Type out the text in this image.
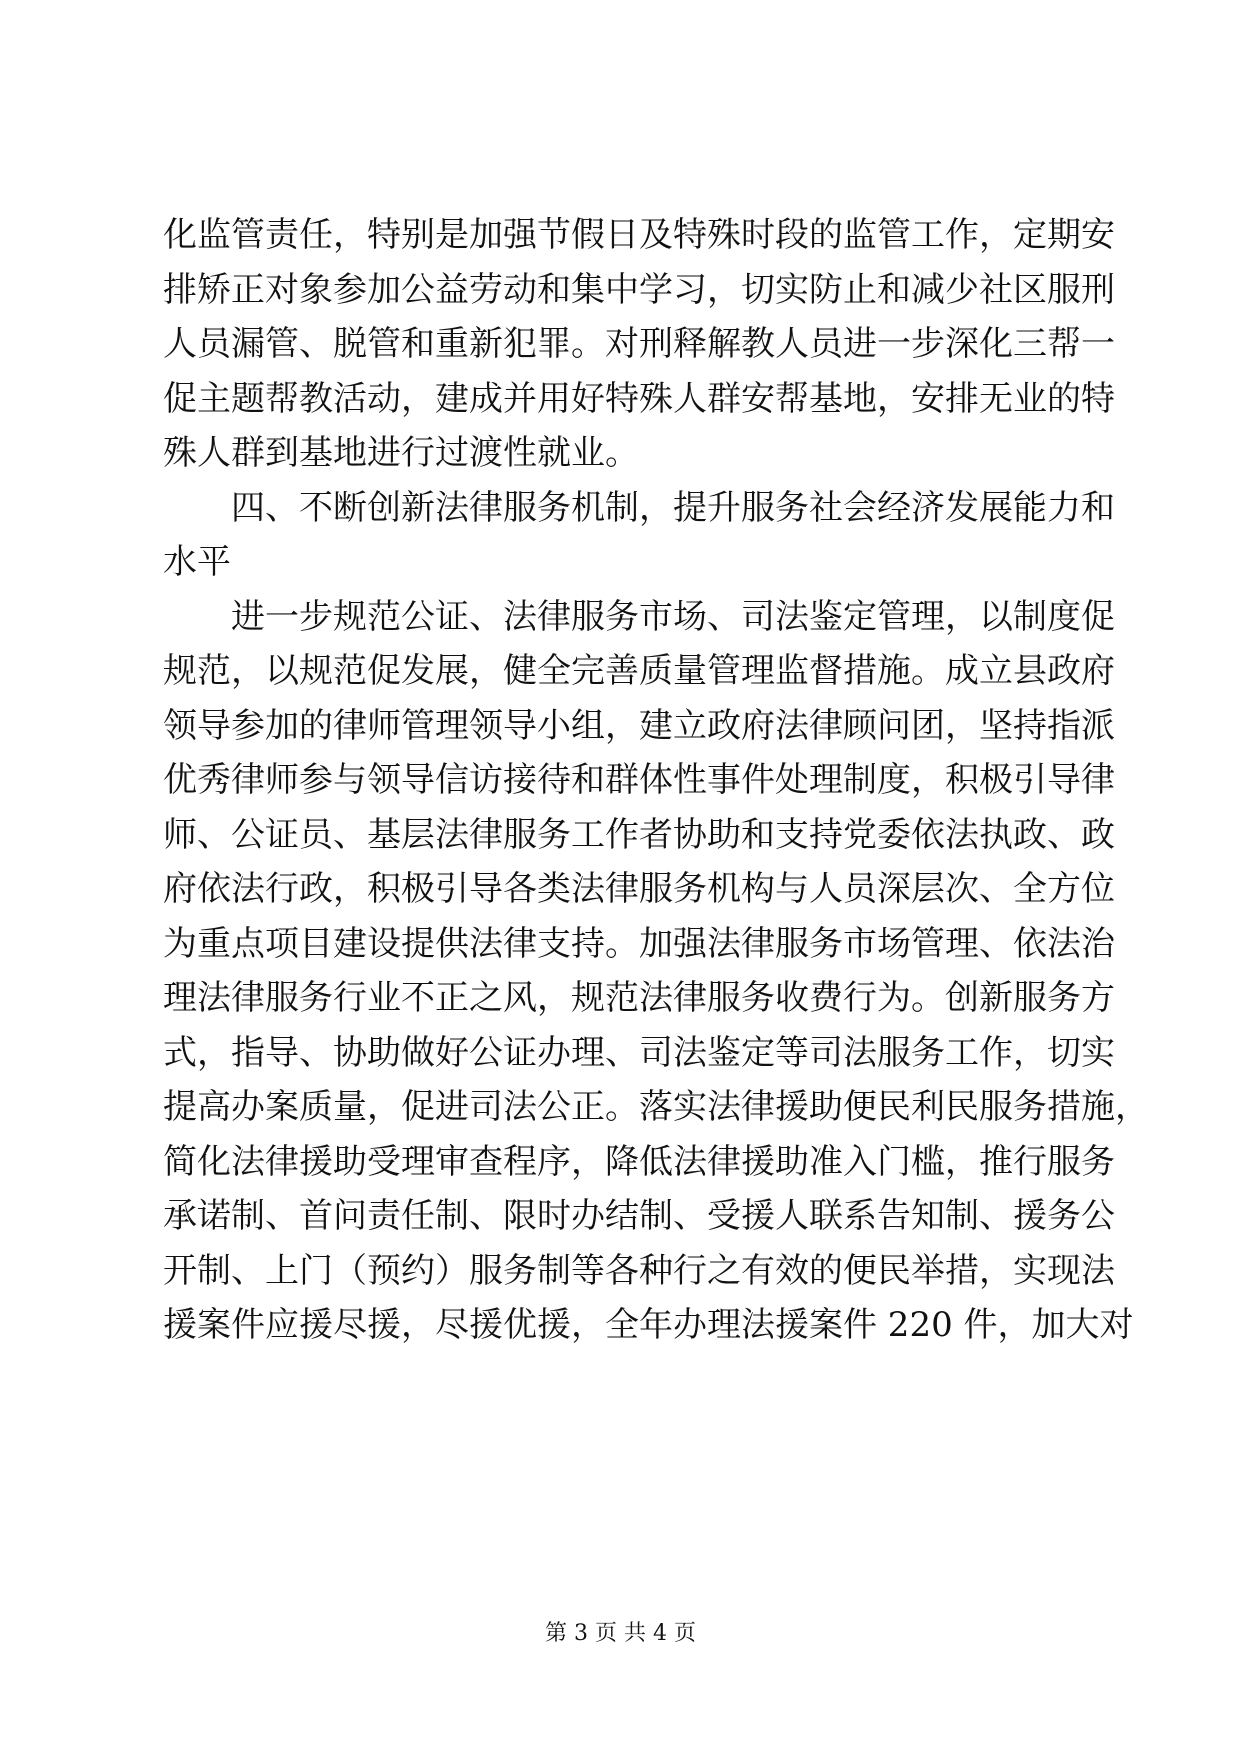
化监管责任，特别是加强节假日及特殊时段的监管工作，定期安
排矫正对象参加公益劳动和集中学习，切实防止和减少社区服刑
人员漏管、脱管和重新犯罪。对刑释解教人员进一步深化三帮一
促主题帮教活动，建成并用好特殊人群安帮基地，安排无业的特
殊人群到基地进行过渡性就业。
四、不断创新法律服务机制，提升服务社会经济发展能力和
水平
进一步规范公证、法律服务市场、司法鉴定管理，以制度促
规范，以规范促发展，健全完善质量管理监督措施。成立县政府
领导参加的律师管理领导小组，建立政府法律顾问团，坚持指派
优秀律师参与领导信访接待和群体性事件处理制度，积极引导律
师、公证员、基层法律服务工作者协助和支持党委依法执政、政
府依法行政，积极引导各类法律服务机构与人员深层次、全方位
为重点项目建设提供法律支持。加强法律服务市场管理、依法治
理法律服务行业不正之风，规范法律服务收费行为。创新服务方
式，指导、协助做好公证办理、司法鉴定等司法服务工作，切实
提高办案质量，促进司法公正。落实法律援助便民利民服务措施，
简化法律援助受理审查程序，降低法律援助准入门槛，推行服务
承诺制、首问责任制、限时办结制、受援人联系告知制、援务公
开制、上门（预约）服务制等各种行之有效的便民举措，实现法
援案件应援尽援，尽援优援，全年办理法援案件 220 件，加大对
第 3 页 共 4 页
